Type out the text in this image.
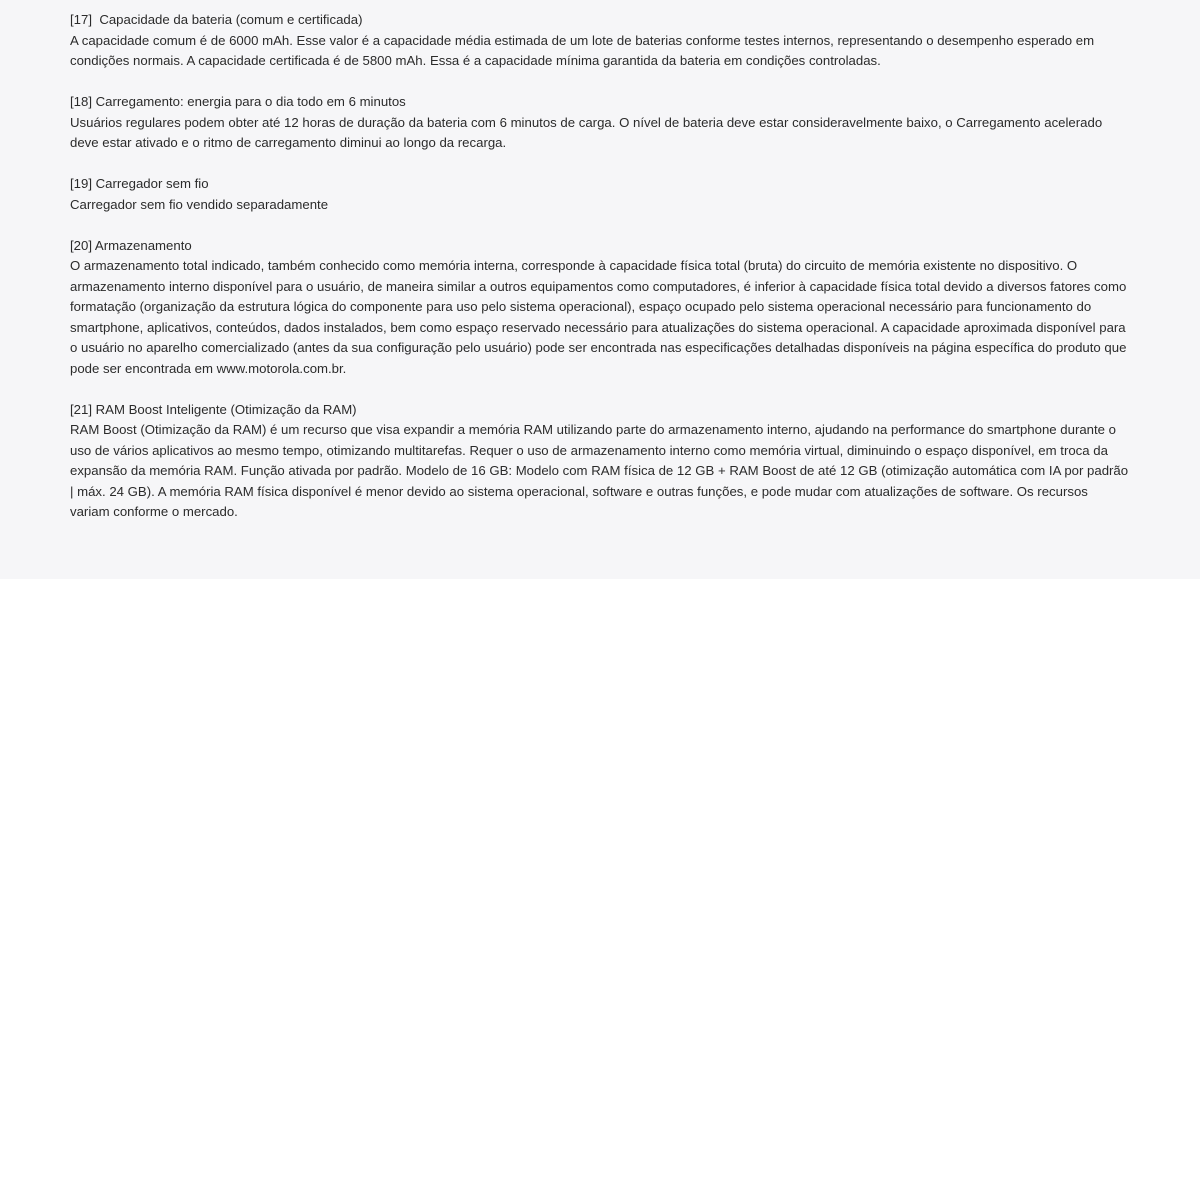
[17]  Capacidade da bateria (comum e certificada)
A capacidade comum é de 6000 mAh. Esse valor é a capacidade média estimada de um lote de baterias conforme testes internos, representando o desempenho esperado em condições normais. A capacidade certificada é de 5800 mAh. Essa é a capacidade mínima garantida da bateria em condições controladas.
[18] Carregamento: energia para o dia todo em 6 minutos
Usuários regulares podem obter até 12 horas de duração da bateria com 6 minutos de carga. O nível de bateria deve estar consideravelmente baixo, o Carregamento acelerado deve estar ativado e o ritmo de carregamento diminui ao longo da recarga.
[19] Carregador sem fio
Carregador sem fio vendido separadamente
[20] Armazenamento
O armazenamento total indicado, também conhecido como memória interna, corresponde à capacidade física total (bruta) do circuito de memória existente no dispositivo. O armazenamento interno disponível para o usuário, de maneira similar a outros equipamentos como computadores, é inferior à capacidade física total devido a diversos fatores como formatação (organização da estrutura lógica do componente para uso pelo sistema operacional), espaço ocupado pelo sistema operacional necessário para funcionamento do smartphone, aplicativos, conteúdos, dados instalados, bem como espaço reservado necessário para atualizações do sistema operacional. A capacidade aproximada disponível para o usuário no aparelho comercializado (antes da sua configuração pelo usuário) pode ser encontrada nas especificações detalhadas disponíveis na página específica do produto que pode ser encontrada em www.motorola.com.br.
[21] RAM Boost Inteligente (Otimização da RAM)
RAM Boost (Otimização da RAM) é um recurso que visa expandir a memória RAM utilizando parte do armazenamento interno, ajudando na performance do smartphone durante o uso de vários aplicativos ao mesmo tempo, otimizando multitarefas. Requer o uso de armazenamento interno como memória virtual, diminuindo o espaço disponível, em troca da expansão da memória RAM. Função ativada por padrão. Modelo de 16 GB: Modelo com RAM física de 12 GB + RAM Boost de até 12 GB (otimização automática com IA por padrão | máx. 24 GB). A memória RAM física disponível é menor devido ao sistema operacional, software e outras funções, e pode mudar com atualizações de software. Os recursos variam conforme o mercado.
